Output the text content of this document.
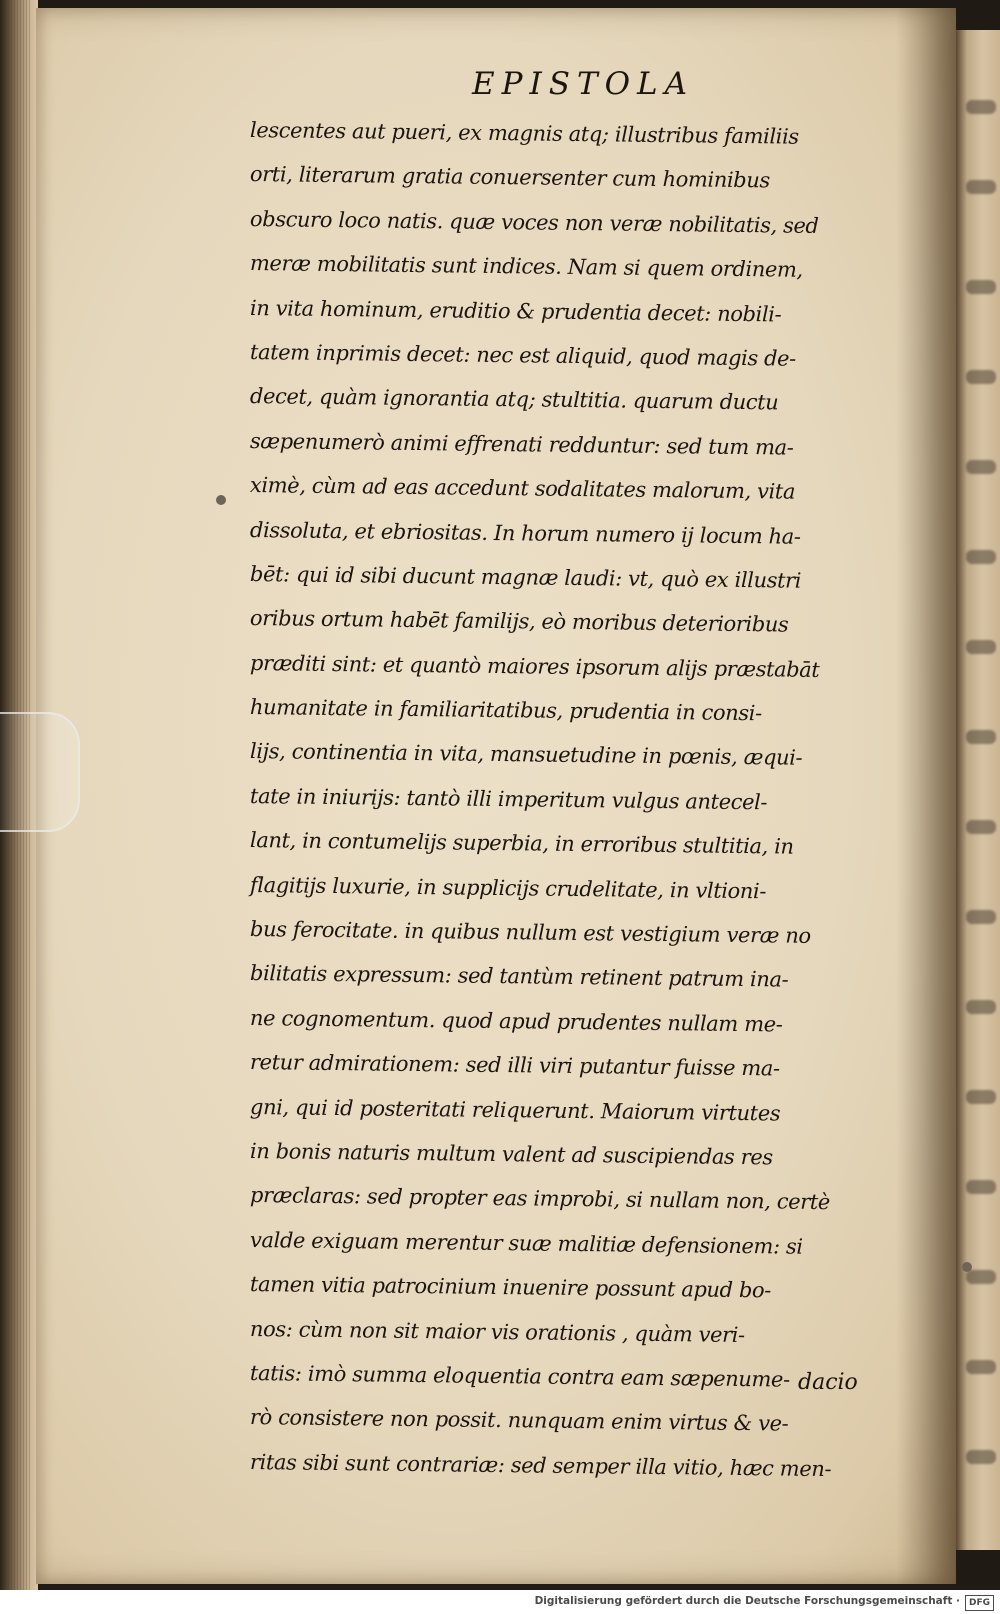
EPISTOLA
lescentes aut pueri, ex magnis atq; illustribus familiis
orti, literarum gratia conuersenter cum hominibus
obscuro loco natis. quæ voces non veræ nobilitatis, sed
meræ mobilitatis sunt indices. Nam si quem ordinem,
in vita hominum, eruditio & prudentia decet: nobili-
tatem inprimis decet: nec est aliquid, quod magis de-
decet, quàm ignorantia atq; stultitia. quarum ductu
sæpenumerò animi effrenati redduntur: sed tum ma-
ximè, cùm ad eas accedunt sodalitates malorum, vita
dissoluta, et ebriositas. In horum numero ij locum ha-
bēt: qui id sibi ducunt magnæ laudi: vt, quò ex illustri
oribus ortum habēt familijs, eò moribus deterioribus
præditi sint: et quantò maiores ipsorum alijs præstabāt
humanitate in familiaritatibus, prudentia in consi-
lijs, continentia in vita, mansuetudine in pœnis, æqui-
tate in iniurijs: tantò illi imperitum vulgus antecel-
lant, in contumelijs superbia, in erroribus stultitia, in
flagitijs luxurie, in supplicijs crudelitate, in vltioni-
bus ferocitate. in quibus nullum est vestigium veræ no
bilitatis expressum: sed tantùm retinent patrum ina-
ne cognomentum. quod apud prudentes nullam me-
retur admirationem: sed illi viri putantur fuisse ma-
gni, qui id posteritati reliquerunt. Maiorum virtutes
in bonis naturis multum valent ad suscipiendas res
præclaras: sed propter eas improbi, si nullam non, certè
valde exiguam merentur suæ malitiæ defensionem: si
tamen vitia patrocinium inuenire possunt apud bo-
nos: cùm non sit maior vis orationis , quàm veri-
tatis: imò summa eloquentia contra eam sæpenume-
rò consistere non possit. nunquam enim virtus & ve-
ritas sibi sunt contrariæ: sed semper illa vitio, hæc men-
dacio
Digitalisierung gefördert durch die Deutsche Forschungsgemeinschaft · DFG
